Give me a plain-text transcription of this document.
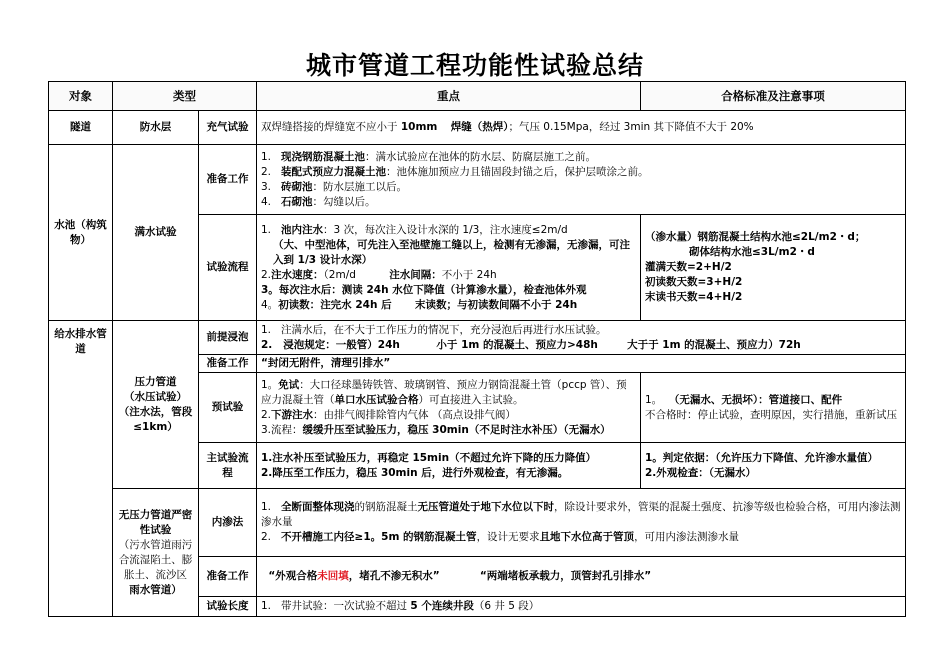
城市管道工程功能性试验总结
对象	类型		重点	合格标准及注意事项
隧道	防水层	充气试验	双焊缝搭接的焊缝宽不应小于 10mm 焊缝（热焊）；气压 0.15Mpa，经过 3min 其下降值不大于 20%	
水池（构筑物）	满水试验	准备工作	1. 现浇钢筋混凝土池：满水试验应在池体的防水层、防腐层施工之前。
2. 装配式预应力混凝土池：池体施加预应力且锚固段封锚之后，保护层喷涂之前。
3. 砖砌池：防水层施工以后。
4. 石砌池：勾缝以后。	

		试验流程	1. 池内注水：3 次，每次注入设计水深的 1/3，注水速度≤2m/d
（大、中型池体，可先注入至池壁施工缝以上，检测有无渗漏，无渗漏，可注入到 1/3 设计水深）
2.注水速度：（2m/d 注水间隔：不小于 24h
3。每次注水后：测读 24h 水位下降值（计算渗水量），检查池体外观
4。初读数：注完水 24h 后 末读数；与初读数间隔不小于 24h	（渗水量）钢筋混凝土结构水池≤2L/m2・d；
砌体结构水池≤3L/m2・d
灌满天数=2+H/2
初读数天数=3+H/2
末读书天数=4+H/2

给水排水管道	压力管道
（水压试验）
（注水法，管段≤1km）	前提浸泡	1. 注满水后，在不大于工作压力的情况下，充分浸泡后再进行水压试验。
2. 浸泡规定：一般管）24h 小于 1m 的混凝土、预应力>48h 大于于 1m 的混凝土、预应力）72h	

		准备工作	“封闭无附件，清理引排水”	
		预试验	1。免试：大口径球墨铸铁管、玻璃钢管、预应力钢筒混凝土管（pccp 管）、预应力混凝土管（单口水压试验合格）可直接进入主试验。
2.下游注水：由排气阀排除管内气体 （高点设排气阀）
3.流程：缓缓升压至试验压力，稳压 30min（不足时注水补压）（无漏水）	1。 （无漏水、无损坏）：管道接口、配件
不合格时：停止试验，查明原因，实行措施，重新试压

		主试验流程	1.注水补压至试验压力，再稳定 15min（不超过允许下降的压力降值）
2.降压至工作压力，稳压 30min 后，进行外观检查，有无渗漏。	1。判定依据：（允许压力下降值、允许渗水量值）
2.外观检查：（无漏水）

	无压力管道严密性试验
（污水管道雨污合流湿陷土、膨胀土、流沙区
雨水管道）	内渗法	1. 全断面整体现浇的钢筋混凝土无压管道处于地下水位以下时，除设计要求外，管渠的混凝土强度、抗渗等级也检验合格，可用内渗法测渗水量
2. 不开槽施工内径≥1。5m 的钢筋混凝土管，设计无要求且地下水位高于管顶，可用内渗法测渗水量	

		准备工作	“外观合格未回填，堵孔不渗无积水” “两端堵板承载力，顶管封孔引排水”	
		试验长度	1. 带井试验：一次试验不超过 5 个连续井段（6 井 5 段）	
